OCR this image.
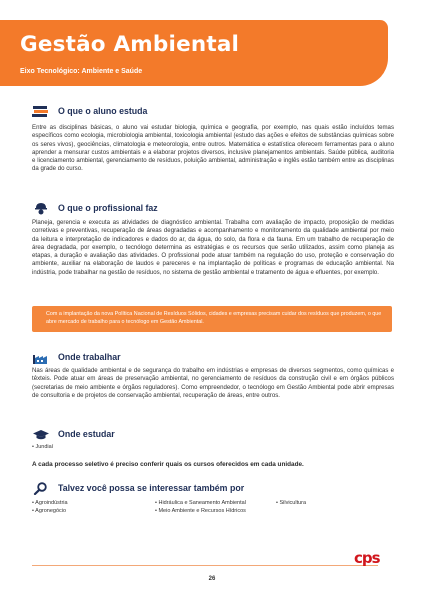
Gestão Ambiental
Eixo Tecnológico: Ambiente e Saúde
O que o aluno estuda
Entre as disciplinas básicas, o aluno vai estudar biologia, química e geografia, por exemplo, nas quais estão incluídos temas específicos como ecologia, microbiologia ambiental, toxicologia ambiental (estudo das ações e efeitos de substâncias químicas sobre os seres vivos), geociências, climatologia e meteorologia, entre outros. Matemática e estatística oferecem ferramentas para o aluno aprender a mensurar custos ambientais e a elaborar projetos diversos, inclusive planejamentos ambientais. Saúde pública, auditoria e licenciamento ambiental, gerenciamento de resíduos, poluição ambiental, administração e inglês estão também entre as disciplinas da grade do curso.
O que o profissional faz
Planeja, gerencia e executa as atividades de diagnóstico ambiental. Trabalha com avaliação de impacto, proposição de medidas corretivas e preventivas, recuperação de áreas degradadas e acompanhamento e monitoramento da qualidade ambiental por meio da leitura e interpretação de indicadores e dados do ar, da água, do solo, da flora e da fauna. Em um trabalho de recuperação de área degradada, por exemplo, o tecnólogo determina as estratégias e os recursos que serão utilizados, assim como planeja as etapas, a duração e avaliação das atividades. O profissional pode atuar também na regulação do uso, proteção e conservação do ambiente, auxiliar na elaboração de laudos e pareceres e na implantação de políticas e programas de educação ambiental. Na indústria, pode trabalhar na gestão de resíduos, no sistema de gestão ambiental e tratamento de água e efluentes, por exemplo.
Com a implantação da nova Política Nacional de Resíduos Sólidos, cidades e empresas precisam cuidar dos resíduos que produzem, o que abre mercado de trabalho para o tecnólogo em Gestão Ambiental.
Onde trabalhar
Nas áreas de qualidade ambiental e de segurança do trabalho em indústrias e empresas de diversos segmentos, como químicas e têxteis. Pode atuar em áreas de preservação ambiental, no gerenciamento de resíduos da construção civil e em órgãos públicos (secretarias de meio ambiente e órgãos reguladores). Como empreendedor, o tecnólogo em Gestão Ambiental pode abrir empresas de consultoria e de projetos de conservação ambiental, recuperação de áreas, entre outros.
Onde estudar
• Jundiaí
A cada processo seletivo é preciso conferir quais os cursos oferecidos em cada unidade.
Talvez você possa se interessar também por
• Agroindústria
• Agronegócio
• Hidráulica e Saneamento Ambiental
• Meio Ambiente e Recursos Hídricos
• Silvicultura
cps
26
